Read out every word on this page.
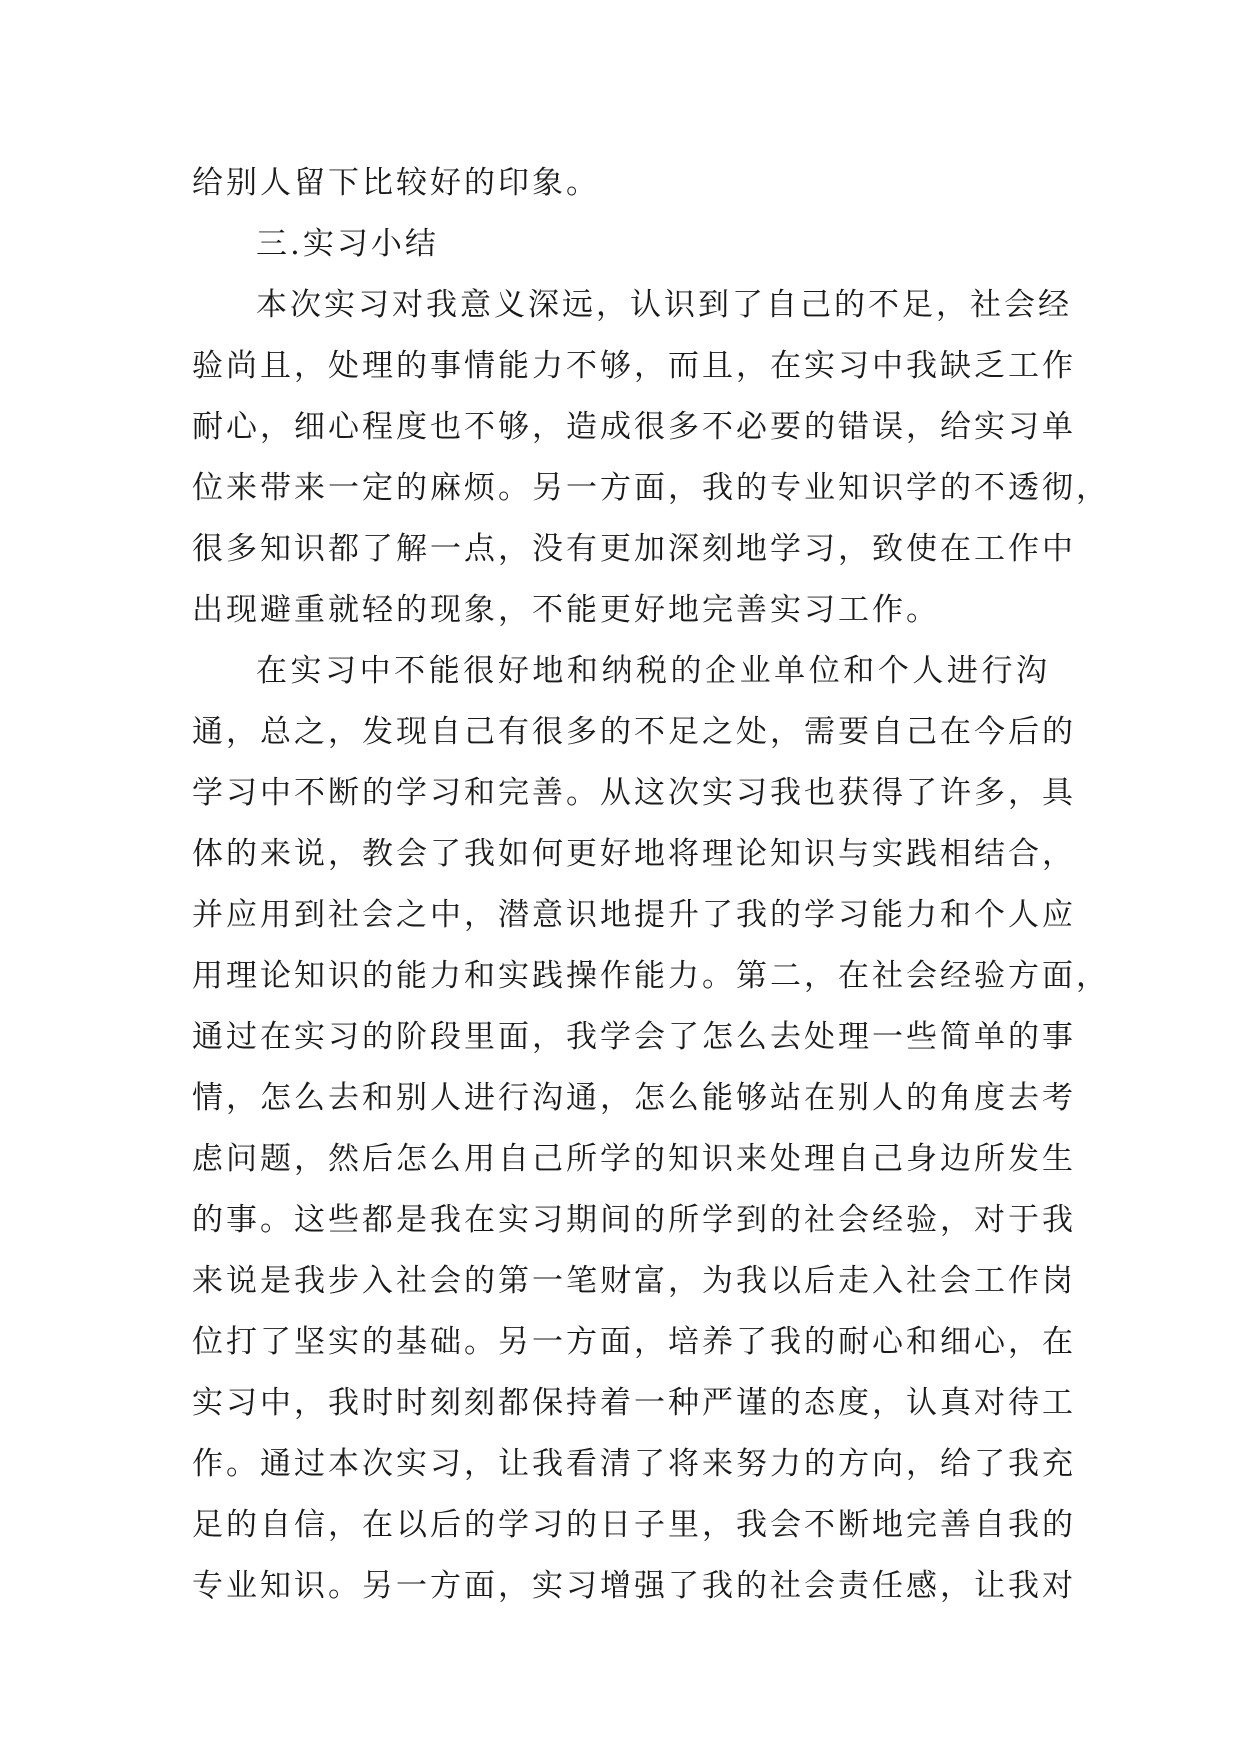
给别人留下比较好的印象。
三.实习小结
本次实习对我意义深远，认识到了自己的不足，社会经
验尚且，处理的事情能力不够，而且，在实习中我缺乏工作
耐心，细心程度也不够，造成很多不必要的错误，给实习单
位来带来一定的麻烦。另一方面，我的专业知识学的不透彻，
很多知识都了解一点，没有更加深刻地学习，致使在工作中
出现避重就轻的现象，不能更好地完善实习工作。
在实习中不能很好地和纳税的企业单位和个人进行沟
通，总之，发现自己有很多的不足之处，需要自己在今后的
学习中不断的学习和完善。从这次实习我也获得了许多，具
体的来说，教会了我如何更好地将理论知识与实践相结合，
并应用到社会之中，潜意识地提升了我的学习能力和个人应
用理论知识的能力和实践操作能力。第二，在社会经验方面，
通过在实习的阶段里面，我学会了怎么去处理一些简单的事
情，怎么去和别人进行沟通，怎么能够站在别人的角度去考
虑问题，然后怎么用自己所学的知识来处理自己身边所发生
的事。这些都是我在实习期间的所学到的社会经验，对于我
来说是我步入社会的第一笔财富，为我以后走入社会工作岗
位打了坚实的基础。另一方面，培养了我的耐心和细心，在
实习中，我时时刻刻都保持着一种严谨的态度，认真对待工
作。通过本次实习，让我看清了将来努力的方向，给了我充
足的自信，在以后的学习的日子里，我会不断地完善自我的
专业知识。另一方面，实习增强了我的社会责任感，让我对
